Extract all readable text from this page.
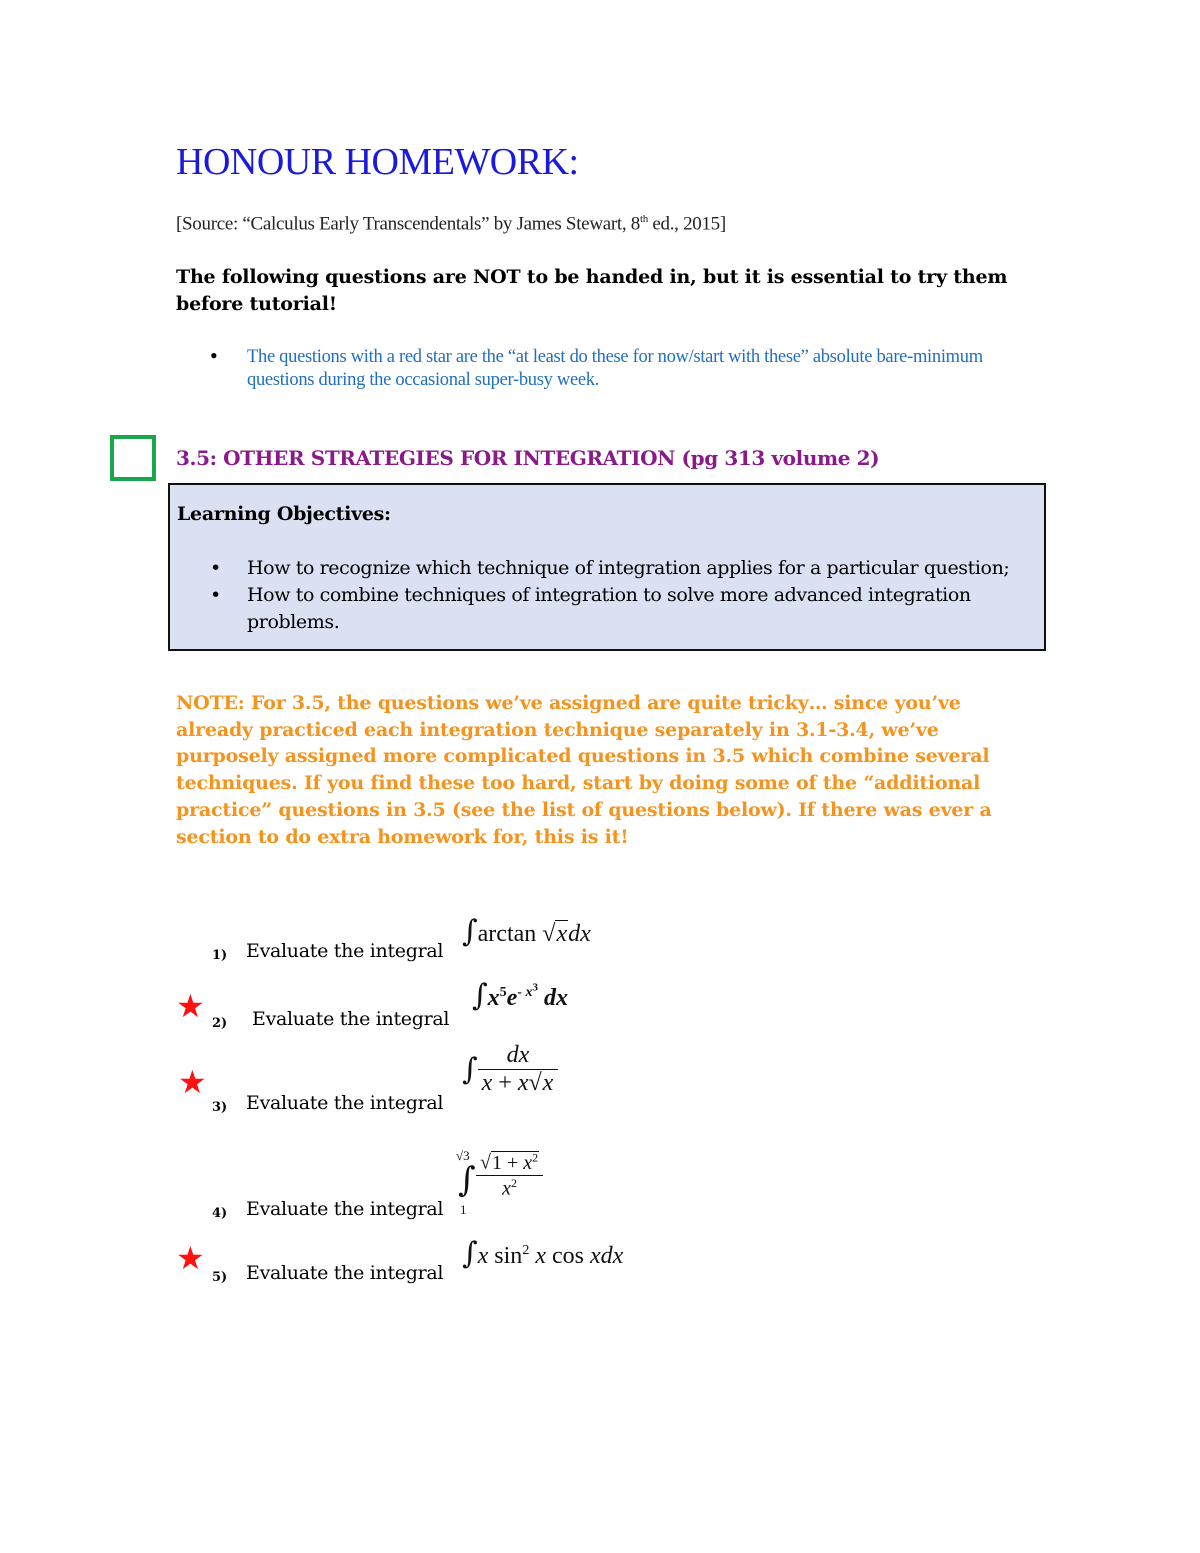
HONOUR HOMEWORK:
[Source: “Calculus Early Transcendentals” by James Stewart, 8th ed., 2015]
The following questions are NOT to be handed in, but it is essential to try them before tutorial!
• The questions with a red star are the “at least do these for now/start with these” absolute bare-minimum questions during the occasional super-busy week.
3.5: OTHER STRATEGIES FOR INTEGRATION (pg 313 volume 2)
Learning Objectives:
• How to recognize which technique of integration applies for a particular question;
• How to combine techniques of integration to solve more advanced integration problems.
NOTE: For 3.5, the questions we’ve assigned are quite tricky… since you’ve already practiced each integration technique separately in 3.1-3.4, we’ve purposely assigned more complicated questions in 3.5 which combine several techniques. If you find these too hard, start by doing some of the “additional practice” questions in 3.5 (see the list of questions below). If there was ever a section to do extra homework for, this is it!
1) Evaluate the integral
∫arctan √xdx
★ 2) Evaluate the integral
$\int x^5e^{- x^3}$ dx
★
3) Evaluate the integral
∫ $\frac{dx}{x + x√x}$
4) Evaluate the integral
√3
∫
1
$\frac{√1 + x^2}{x^2}$
★
5) Evaluate the integral
∫x $\sin^2 x$ cos xdx
